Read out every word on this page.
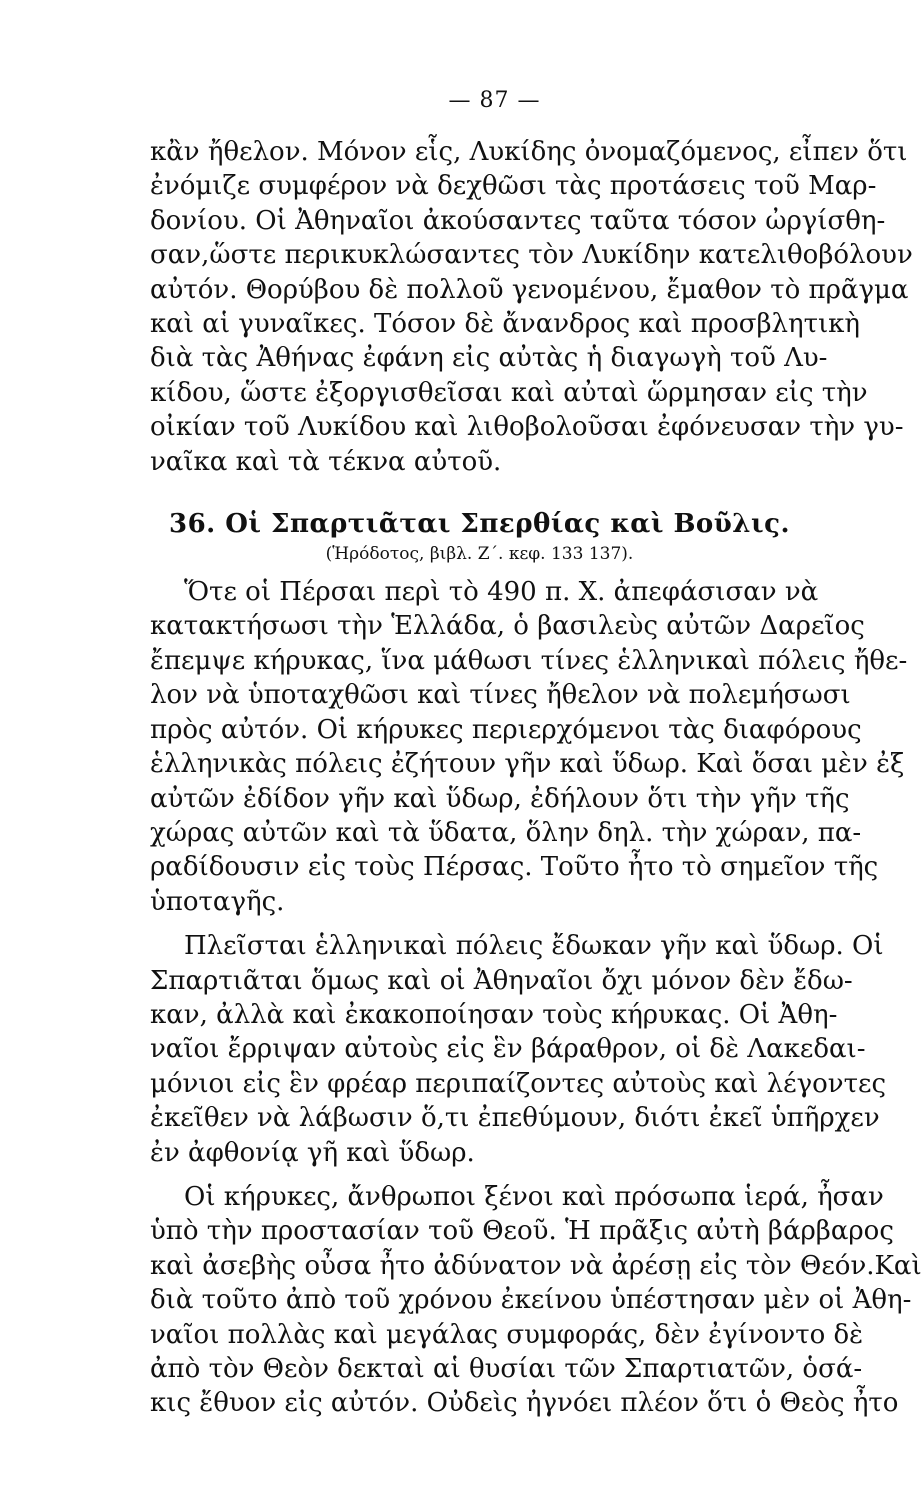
— 87 —
κἂν ἤθελον. Μόνον εἷς, Λυκίδης ὀνομαζόμενος, εἶπεν ὅτι
ἐνόμιζε συμφέρον νὰ δεχθῶσι τὰς προτάσεις τοῦ Μαρ-
δονίου. Οἱ Ἀθηναῖοι ἀκούσαντες ταῦτα τόσον ὠργίσθη-
σαν,ὥστε περικυκλώσαντες τὸν Λυκίδην κατελιθοβόλουν
αὐτόν. Θορύβου δὲ πολλοῦ γενομένου, ἔμαθον τὸ πρᾶγμα
καὶ αἱ γυναῖκες. Τόσον δὲ ἄνανδρος καὶ προσβλητικὴ
διὰ τὰς Ἀθήνας ἐφάνη εἰς αὐτὰς ἡ διαγωγὴ τοῦ Λυ-
κίδου, ὥστε ἐξοργισθεῖσαι καὶ αὐταὶ ὥρμησαν εἰς τὴν
οἰκίαν τοῦ Λυκίδου καὶ λιθοβολοῦσαι ἐφόνευσαν τὴν γυ-
ναῖκα καὶ τὰ τέκνα αὐτοῦ.
36. Οἱ Σπαρτιᾶται Σπερθίας καὶ Βοῦλις.
(Ἡρόδοτος, βιβλ. Ζ΄. κεφ. 133 137).
Ὅτε οἱ Πέρσαι περὶ τὸ 490 π. Χ. ἀπεφάσισαν νὰ
κατακτήσωσι τὴν Ἑλλάδα, ὁ βασιλεὺς αὐτῶν Δαρεῖος
ἔπεμψε κήρυκας, ἵνα μάθωσι τίνες ἑλληνικαὶ πόλεις ἤθε-
λον νὰ ὑποταχθῶσι καὶ τίνες ἤθελον νὰ πολεμήσωσι
πρὸς αὐτόν. Οἱ κήρυκες περιερχόμενοι τὰς διαφόρους
ἑλληνικὰς πόλεις ἐζήτουν γῆν καὶ ὕδωρ. Καὶ ὅσαι μὲν ἐξ
αὐτῶν ἐδίδον γῆν καὶ ὕδωρ, ἐδήλουν ὅτι τὴν γῆν τῆς
χώρας αὐτῶν καὶ τὰ ὕδατα, ὅλην δηλ. τὴν χώραν, πα-
ραδίδουσιν εἰς τοὺς Πέρσας. Τοῦτο ἦτο τὸ σημεῖον τῆς
ὑποταγῆς.
Πλεῖσται ἑλληνικαὶ πόλεις ἔδωκαν γῆν καὶ ὕδωρ. Οἱ
Σπαρτιᾶται ὅμως καὶ οἱ Ἀθηναῖοι ὄχι μόνον δὲν ἔδω-
καν, ἀλλὰ καὶ ἐκακοποίησαν τοὺς κήρυκας. Οἱ Ἀθη-
ναῖοι ἔρριψαν αὐτοὺς εἰς ἓν βάραθρον, οἱ δὲ Λακεδαι-
μόνιοι εἰς ἓν φρέαρ περιπαίζοντες αὐτοὺς καὶ λέγοντες
ἐκεῖθεν νὰ λάβωσιν ὅ,τι ἐπεθύμουν, διότι ἐκεῖ ὑπῆρχεν
ἐν ἀφθονίᾳ γῆ καὶ ὕδωρ.
Οἱ κήρυκες, ἄνθρωποι ξένοι καὶ πρόσωπα ἱερά, ἦσαν
ὑπὸ τὴν προστασίαν τοῦ Θεοῦ. Ἡ πρᾶξις αὐτὴ βάρβαρος
καὶ ἀσεβὴς οὖσα ἦτο ἀδύνατον νὰ ἀρέσῃ εἰς τὸν Θεόν.Καὶ
διὰ τοῦτο ἀπὸ τοῦ χρόνου ἐκείνου ὑπέστησαν μὲν οἱ Ἀθη-
ναῖοι πολλὰς καὶ μεγάλας συμφοράς, δὲν ἐγίνοντο δὲ
ἀπὸ τὸν Θεὸν δεκταὶ αἱ θυσίαι τῶν Σπαρτιατῶν, ὁσά-
κις ἔθυον εἰς αὐτόν. Οὐδεὶς ἠγνόει πλέον ὅτι ὁ Θεὸς ἦτο
